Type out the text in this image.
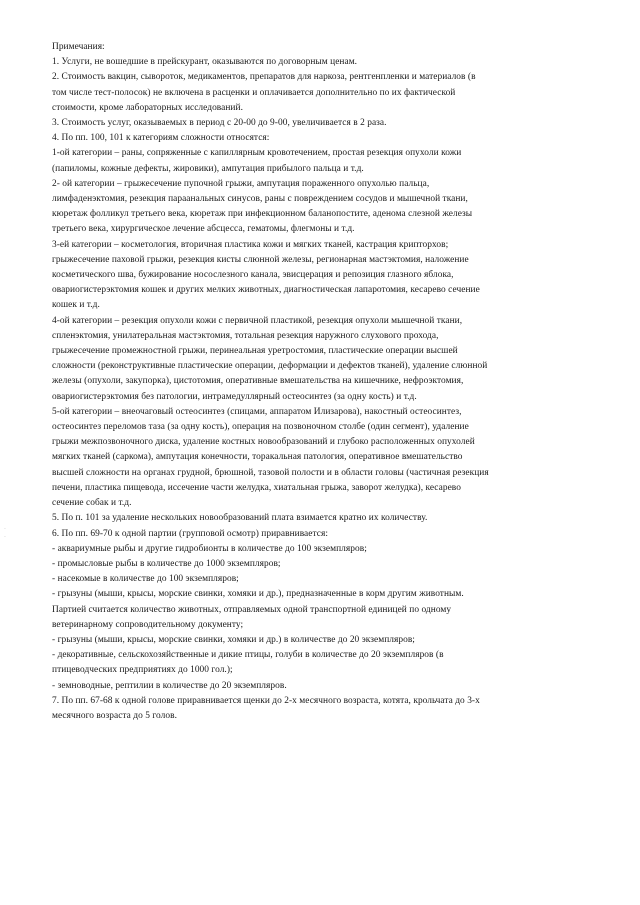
Примечания:
1. Услуги, не вошедшие в прейскурант, оказываются по договорным ценам.
2. Стоимость вакцин, сывороток, медикаментов, препаратов для наркоза, рентгенпленки и материалов (в
том числе тест-полосок) не включена в расценки и оплачивается дополнительно по их фактической
стоимости, кроме лабораторных исследований.
3. Стоимость услуг, оказываемых в период с 20-00 до 9-00, увеличивается в 2 раза.
4. По пп. 100, 101 к категориям сложности относятся:
1-ой категории – раны, сопряженные с капиллярным кровотечением, простая резекция опухоли кожи
(папиломы, кожные дефекты, жировики), ампутация прибылого пальца и т.д.
2- ой категории – грыжесечение пупочной грыжи, ампутация пораженного опухолью пальца,
лимфаденэктомия, резекция параанальных синусов, раны с повреждением сосудов и мышечной ткани,
кюретаж фолликул третьего века, кюретаж при инфекционном баланопостите, аденома слезной железы
третьего века, хирургическое лечение абсцесса, гематомы, флегмоны и т.д.
3-ей категории – косметология, вторичная пластика кожи и мягких тканей, кастрация крипторхов;
грыжесечение паховой грыжи, резекция кисты слюнной железы, регионарная мастэктомия, наложение
косметического шва, бужирование носослезного канала, эвисцерация и репозиция глазного яблока,
овариогистерэктомия кошек и других мелких животных, диагностическая лапаротомия, кесарево сечение
кошек и т.д.
4-ой категории – резекция опухоли кожи с первичной пластикой, резекция опухоли мышечной ткани,
спленэктомия, унилатеральная мастэктомия, тотальная резекция наружного слухового прохода,
грыжесечение промежностной грыжи, перинеальная уретростомия, пластические операции высшей
сложности (реконструктивные пластические операции, деформации и дефектов тканей), удаление слюнной
железы (опухоли, закупорка), цистотомия, оперативные вмешательства на кишечнике, нефроэктомия,
овариогистерэктомия без патологии, интрамедуллярный остеосинтез (за одну кость) и т.д.
5-ой категории – внеочаговый остеосинтез (спицами, аппаратом Илизарова), накостный остеосинтез,
остеосинтез переломов таза (за одну кость), операция на позвоночном столбе (один сегмент), удаление
грыжи межпозвоночного диска, удаление костных новообразований и глубоко расположенных опухолей
мягких тканей (саркома), ампутация конечности, торакальная патология, оперативное вмешательство
высшей сложности на органах грудной, брюшной, тазовой полости и в области головы (частичная резекция
печени, пластика пищевода, иссечение части желудка, хиатальная грыжа, заворот желудка), кесарево
сечение собак и т.д.
5. По п. 101 за удаление нескольких новообразований плата взимается кратно их количеству.
6. По пп. 69-70 к одной партии (групповой осмотр) приравнивается:
- аквариумные рыбы и другие гидробионты в количестве до 100 экземпляров;
- промысловые рыбы в количестве до 1000 экземпляров;
- насекомые в количестве до 100 экземпляров;
- грызуны (мыши, крысы, морские свинки, хомяки и др.), предназначенные в корм другим животным.
Партией считается количество животных, отправляемых одной транспортной единицей по одному
ветеринарному сопроводительному документу;
- грызуны (мыши, крысы, морские свинки, хомяки и др.) в количестве до 20 экземпляров;
- декоративные, сельскохозяйственные и дикие птицы, голуби в количестве до 20 экземпляров (в
птицеводческих предприятиях до 1000 гол.);
- земноводные, рептилии в количестве до 20 экземпляров.
7. По пп. 67-68 к одной голове приравнивается щенки до 2-х месячного возраста, котята, крольчата до 3-х
месячного возраста до 5 голов.
˙
˙
